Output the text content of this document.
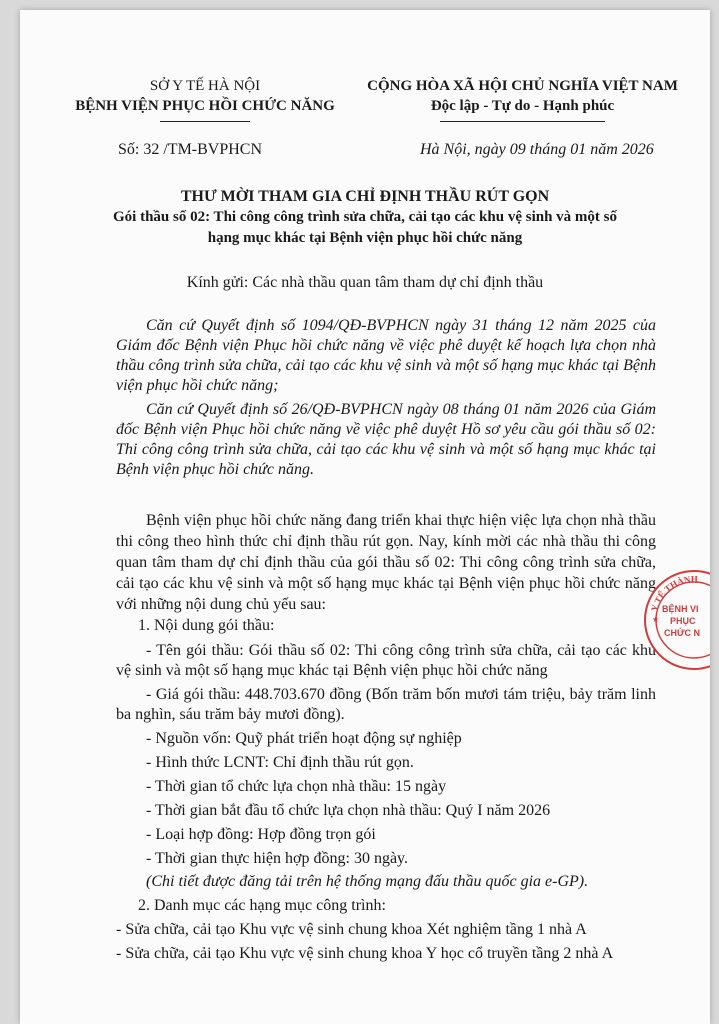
SỞ Y TẾ HÀ NỘI
BỆNH VIỆN PHỤC HỒI CHỨC NĂNG
CỘNG HÒA XÃ HỘI CHỦ NGHĨA VIỆT NAM
Độc lập - Tự do - Hạnh phúc
Số: 32 /TM-BVPHCN	Hà Nội, ngày 09 tháng 01 năm 2026
THƯ MỜI THAM GIA CHỈ ĐỊNH THẦU RÚT GỌN
Gói thầu số 02: Thi công công trình sửa chữa, cải tạo các khu vệ sinh và một số
hạng mục khác tại Bệnh viện phục hồi chức năng
Kính gửi: Các nhà thầu quan tâm tham dự chỉ định thầu
Căn cứ Quyết định số 1094/QĐ-BVPHCN ngày 31 tháng 12 năm 2025 của Giám đốc Bệnh viện Phục hồi chức năng về việc phê duyệt kế hoạch lựa chọn nhà thầu công trình sửa chữa, cải tạo các khu vệ sinh và một số hạng mục khác tại Bệnh viện phục hồi chức năng;
Căn cứ Quyết định số 26/QĐ-BVPHCN ngày 08 tháng 01 năm 2026 của Giám đốc Bệnh viện Phục hồi chức năng về việc phê duyệt Hồ sơ yêu cầu gói thầu số 02: Thi công công trình sửa chữa, cải tạo các khu vệ sinh và một số hạng mục khác tại Bệnh viện phục hồi chức năng.
Bệnh viện phục hồi chức năng đang triển khai thực hiện việc lựa chọn nhà thầu thi công theo hình thức chỉ định thầu rút gọn. Nay, kính mời các nhà thầu thi công quan tâm tham dự chỉ định thầu của gói thầu số 02: Thi công công trình sửa chữa, cải tạo các khu vệ sinh và một số hạng mục khác tại Bệnh viện phục hồi chức năng với những nội dung chủ yếu sau:
1. Nội dung gói thầu:
- Tên gói thầu: Gói thầu số 02: Thi công công trình sửa chữa, cải tạo các khu vệ sinh và một số hạng mục khác tại Bệnh viện phục hồi chức năng
- Giá gói thầu: 448.703.670 đồng (Bốn trăm bốn mươi tám triệu, bảy trăm linh ba nghìn, sáu trăm bảy mươi đồng).
- Nguồn vốn: Quỹ phát triển hoạt động sự nghiệp
- Hình thức LCNT: Chỉ định thầu rút gọn.
- Thời gian tổ chức lựa chọn nhà thầu: 15 ngày
- Thời gian bắt đầu tổ chức lựa chọn nhà thầu: Quý I năm 2026
- Loại hợp đồng: Hợp đồng trọn gói
- Thời gian thực hiện hợp đồng: 30 ngày.
(Chi tiết được đăng tải trên hệ thống mạng đấu thầu quốc gia e-GP).
2. Danh mục các hạng mục công trình:
- Sửa chữa, cải tạo Khu vực vệ sinh chung khoa Xét nghiệm tầng 1 nhà A
- Sửa chữa, cải tạo Khu vực vệ sinh chung khoa Y học cổ truyền tầng 2 nhà A
Y TẾ THÀNH
BỆNH VI
PHỤC
CHỨC N
★
